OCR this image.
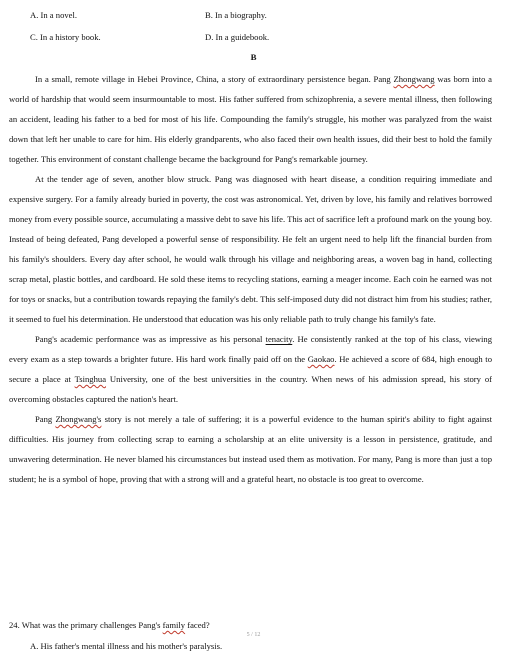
A. In a novel.	B. In a biography.
C. In a history book.	D. In a guidebook.
B

In a small, remote village in Hebei Province, China, a story of extraordinary persistence began. Pang Zhongwang was born into a world of hardship that would seem insurmountable to most. His father suffered from schizophrenia, a severe mental illness, then following an accident, leading his father to a bed for most of his life. Compounding the family's struggle, his mother was paralyzed from the waist down that left her unable to care for him. His elderly grandparents, who also faced their own health issues, did their best to hold the family together. This environment of constant challenge became the background for Pang's remarkable journey.

At the tender age of seven, another blow struck. Pang was diagnosed with heart disease, a condition requiring immediate and expensive surgery. For a family already buried in poverty, the cost was astronomical. Yet, driven by love, his family and relatives borrowed money from every possible source, accumulating a massive debt to save his life. This act of sacrifice left a profound mark on the young boy. Instead of being defeated, Pang developed a powerful sense of responsibility. He felt an urgent need to help lift the financial burden from his family's shoulders. Every day after school, he would walk through his village and neighboring areas, a woven bag in hand, collecting scrap metal, plastic bottles, and cardboard. He sold these items to recycling stations, earning a meager income. Each coin he earned was not for toys or snacks, but a contribution towards repaying the family's debt. This self-imposed duty did not distract him from his studies; rather, it seemed to fuel his determination. He understood that education was his only reliable path to truly change his family's fate.

Pang's academic performance was as impressive as his personal tenacity. He consistently ranked at the top of his class, viewing every exam as a step towards a brighter future. His hard work finally paid off on the Gaokao. He achieved a score of 684, high enough to secure a place at Tsinghua University, one of the best universities in the country. When news of his admission spread, his story of overcoming obstacles captured the nation's heart.

Pang Zhongwang's story is not merely a tale of suffering; it is a powerful evidence to the human spirit's ability to fight against difficulties. His journey from collecting scrap to earning a scholarship at an elite university is a lesson in persistence, gratitude, and unwavering determination. He never blamed his circumstances but instead used them as motivation. For many, Pang is more than just a top student; he is a symbol of hope, proving that with a strong will and a grateful heart, no obstacle is too great to overcome.

24. What was the primary challenges Pang's family faced?
5 / 12
A. His father's mental illness and his mother's paralysis.
